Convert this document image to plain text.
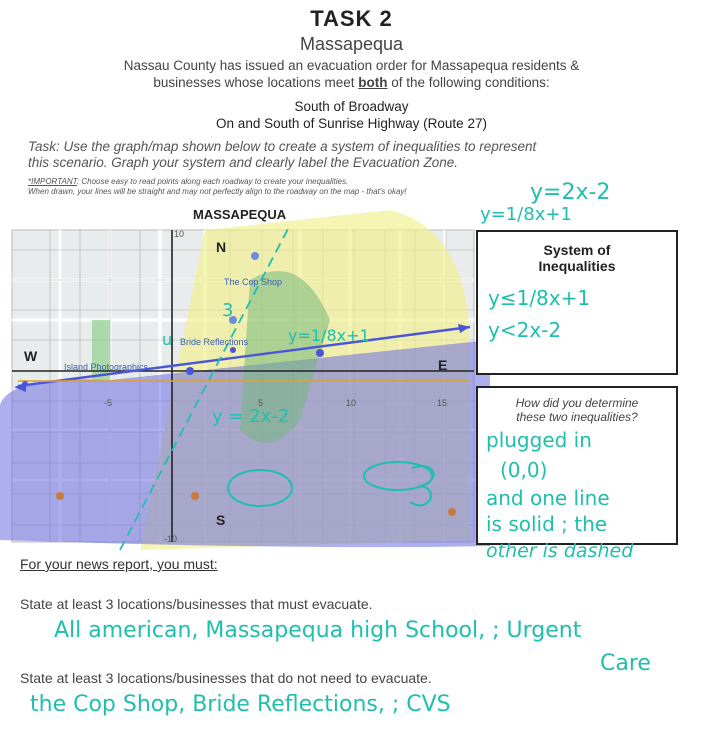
TASK 2
Massapequa
Nassau County has issued an evacuation order for Massapequa residents &
businesses whose locations meet both of the following conditions:
South of Broadway
On and South of Sunrise Highway (Route 27)
Task: Use the graph/map shown below to create a system of inequalities to represent
this scenario. Graph your system and clearly label the Evacuation Zone.
*IMPORTANT: Choose easy to read points along each roadway to create your inequalities.
When drawn, your lines will be straight and may not perfectly align to the roadway on the map - that's okay!
MASSAPEQUA
N
S
E
W
-5	5	10	15
10
-10
The Cop Shop
Bride Reflections
Island Photographics
y=1/8x+1
y = 2x-2
u
3
y=2x-2
y=1/8x+1
System of
Inequalities
y≤1/8x+1
y<2x-2
How did you determine
these two inequalities?
plugged in
(0,0)
and one line
is solid ; the
other is dashed
For your news report, you must:
State at least 3 locations/businesses that must evacuate.
All american, Massapequa high School, ; Urgent
Care
State at least 3 locations/businesses that do not need to evacuate.
the Cop Shop, Bride Reflections, ; CVS
